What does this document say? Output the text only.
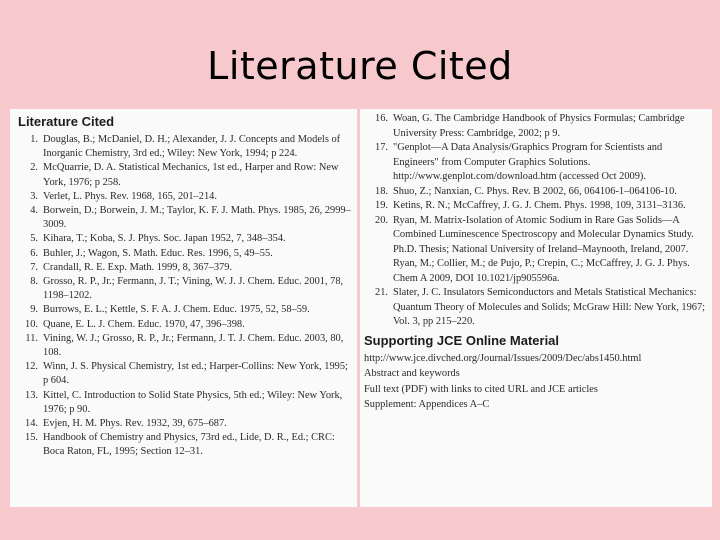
Literature Cited
Literature Cited
1. Douglas, B.; McDaniel, D. H.; Alexander, J. J. Concepts and Models of Inorganic Chemistry, 3rd ed.; Wiley: New York, 1994; p 224.
2. McQuarrie, D. A. Statistical Mechanics, 1st ed., Harper and Row: New York, 1976; p 258.
3. Verlet, L. Phys. Rev. 1968, 165, 201–214.
4. Borwein, D.; Borwein, J. M.; Taylor, K. F. J. Math. Phys. 1985, 26, 2999–3009.
5. Kihara, T.; Koba, S. J. Phys. Soc. Japan 1952, 7, 348–354.
6. Buhler, J.; Wagon, S. Math. Educ. Res. 1996, 5, 49–55.
7. Crandall, R. E. Exp. Math. 1999, 8, 367–379.
8. Grosso, R. P., Jr.; Fermann, J. T.; Vining, W. J. J. Chem. Educ. 2001, 78, 1198–1202.
9. Burrows, E. L.; Kettle, S. F. A. J. Chem. Educ. 1975, 52, 58–59.
10. Quane, E. L. J. Chem. Educ. 1970, 47, 396–398.
11. Vining, W. J.; Grosso, R. P., Jr.; Fermann, J. T. J. Chem. Educ. 2003, 80, 108.
12. Winn, J. S. Physical Chemistry, 1st ed.; Harper-Collins: New York, 1995; p 604.
13. Kittel, C. Introduction to Solid State Physics, 5th ed.; Wiley: New York, 1976; p 90.
14. Evjen, H. M. Phys. Rev. 1932, 39, 675–687.
15. Handbook of Chemistry and Physics, 73rd ed., Lide, D. R., Ed.; CRC: Boca Raton, FL, 1995; Section 12–31.
16. Woan, G. The Cambridge Handbook of Physics Formulas; Cambridge University Press: Cambridge, 2002; p 9.
17. "Genplot—A Data Analysis/Graphics Program for Scientists and Engineers" from Computer Graphics Solutions. http://www.genplot.com/download.htm (accessed Oct 2009).
18. Shuo, Z.; Nanxian, C. Phys. Rev. B 2002, 66, 064106-1–064106-10.
19. Ketins, R. N.; McCaffrey, J. G. J. Chem. Phys. 1998, 109, 3131–3136.
20. Ryan, M. Matrix-Isolation of Atomic Sodium in Rare Gas Solids—A Combined Luminescence Spectroscopy and Molecular Dynamics Study. Ph.D. Thesis; National University of Ireland–Maynooth, Ireland, 2007. Ryan, M.; Collier, M.; de Pujo, P.; Crepin, C.; McCaffrey, J. G. J. Phys. Chem A 2009, DOI 10.1021/jp905596a.
21. Slater, J. C. Insulators Semiconductors and Metals Statistical Mechanics: Quantum Theory of Molecules and Solids; McGraw Hill: New York, 1967; Vol. 3, pp 215–220.
Supporting JCE Online Material
http://www.jce.divched.org/Journal/Issues/2009/Dec/abs1450.html
Abstract and keywords
Full text (PDF) with links to cited URL and JCE articles
Supplement: Appendices A–C
